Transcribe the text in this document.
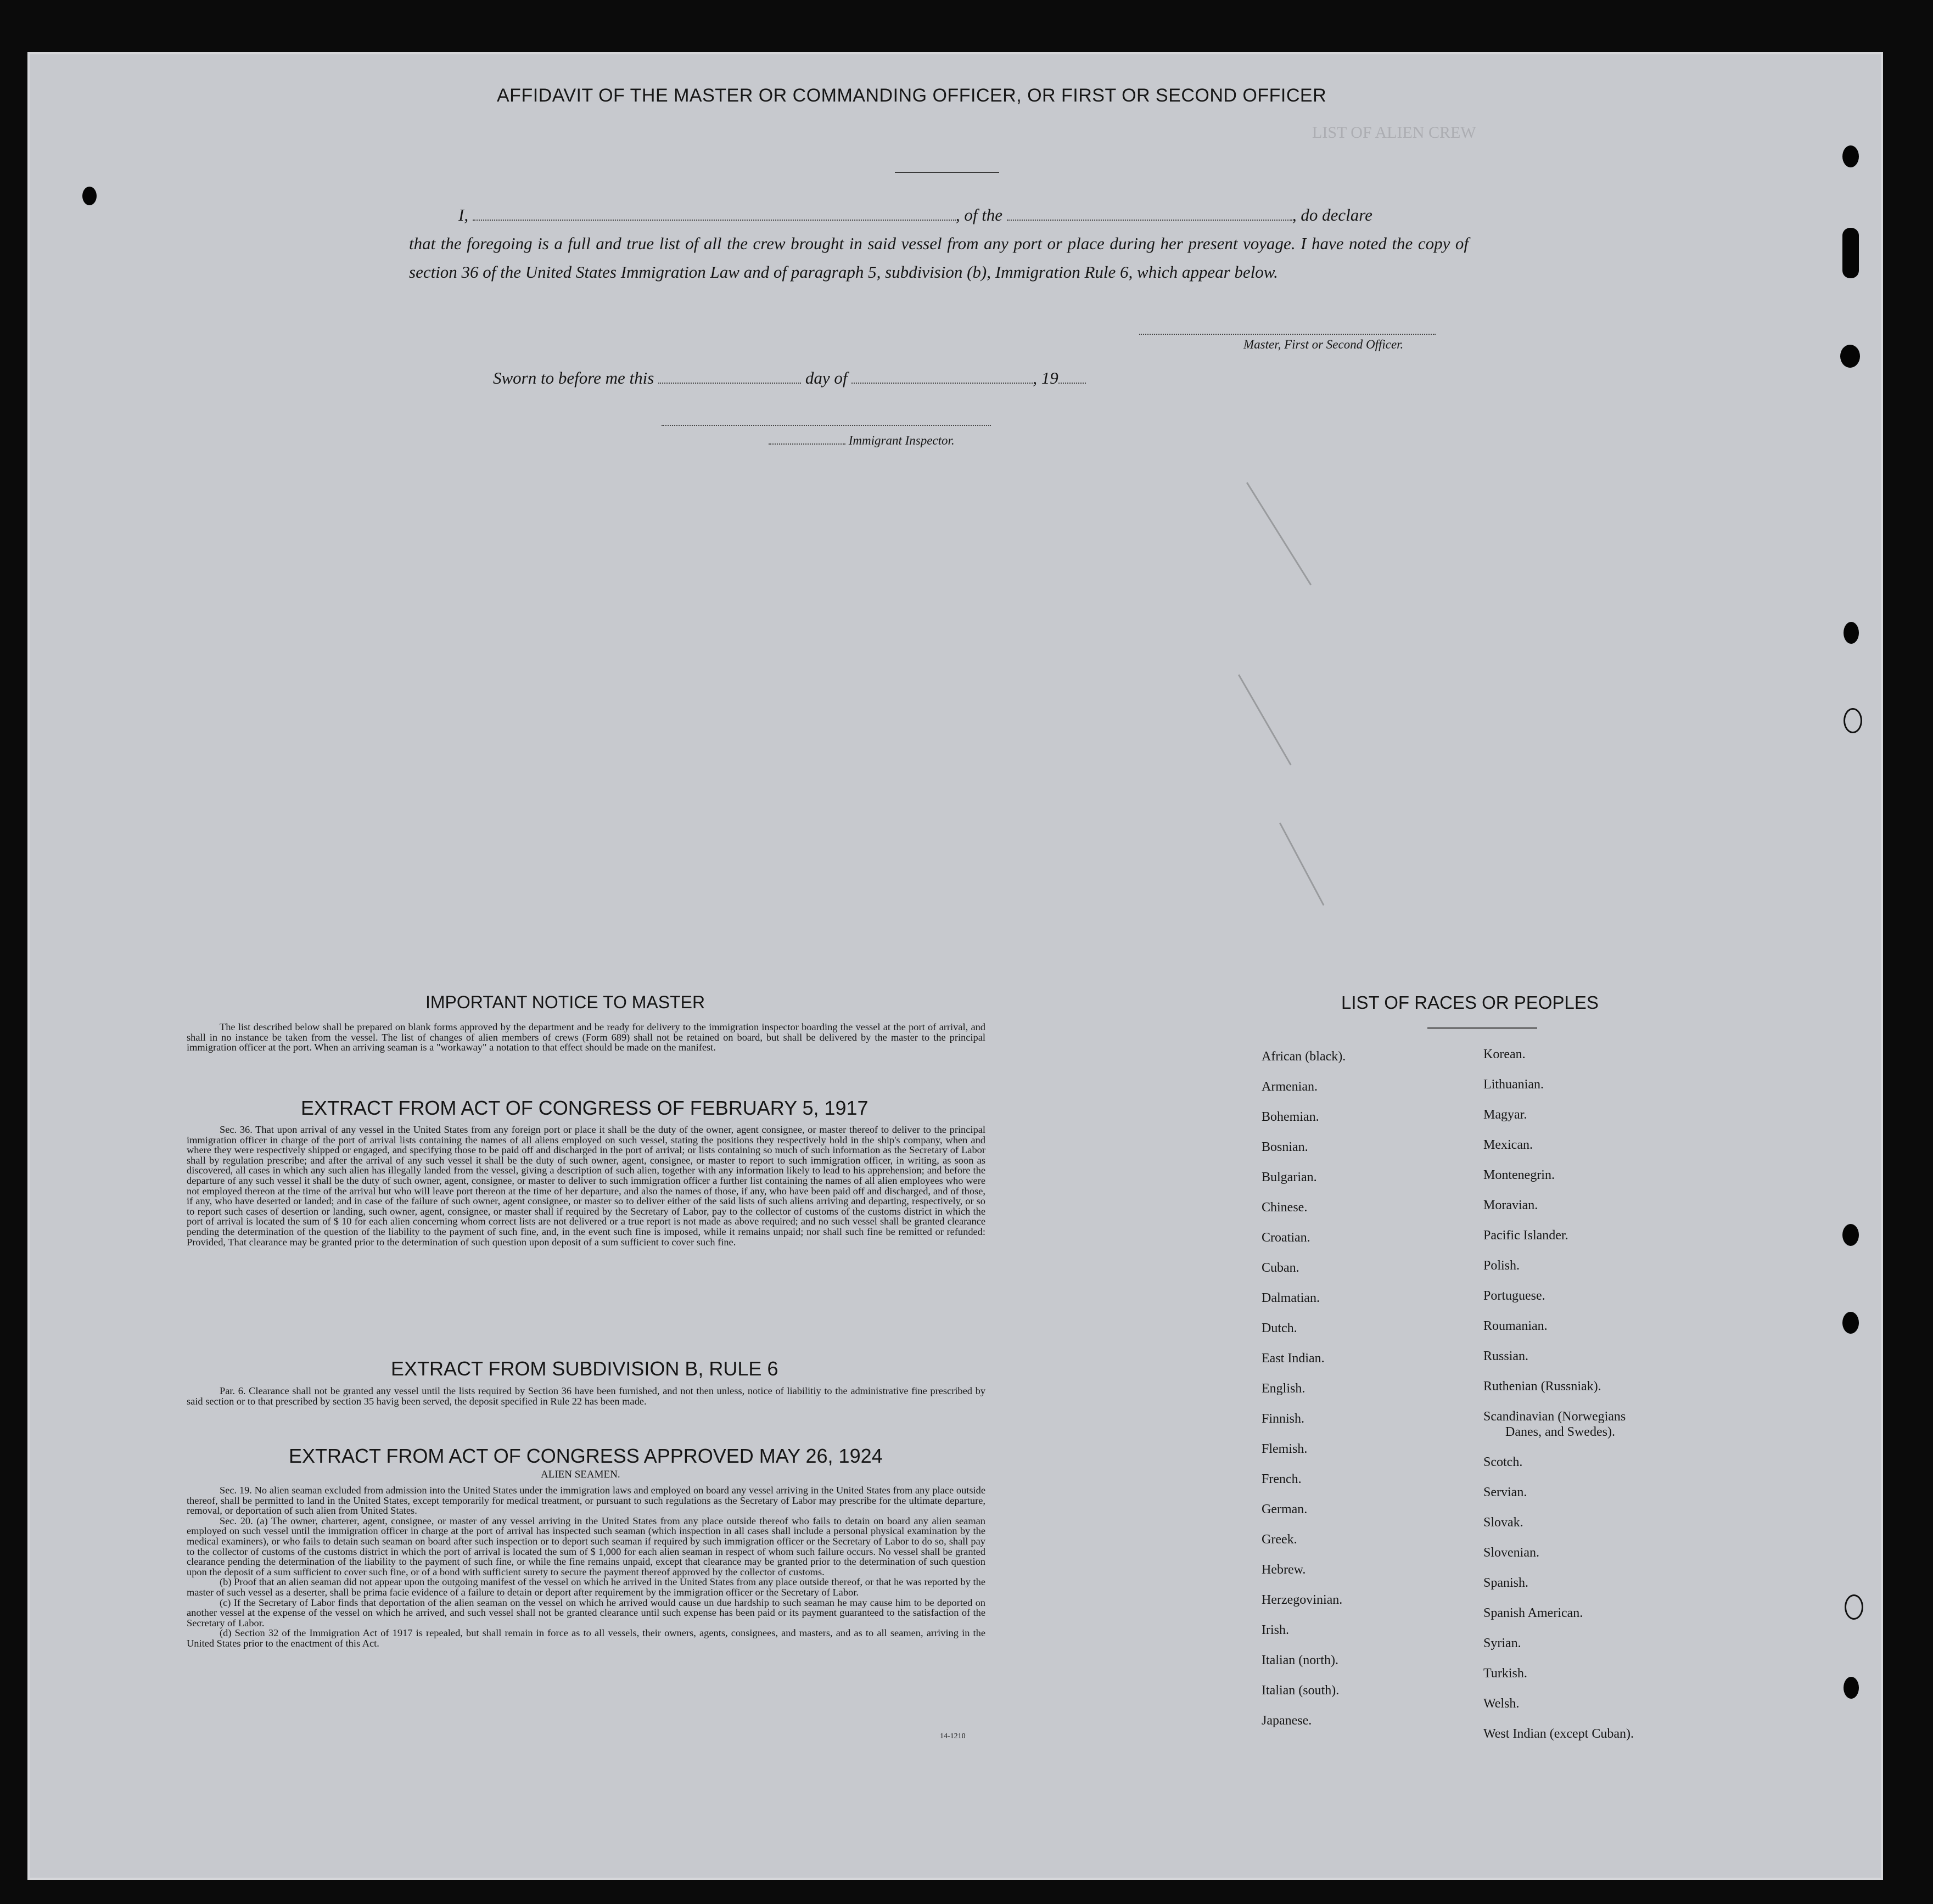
LIST OF ALIEN CREW
AFFIDAVIT OF THE MASTER OR COMMANDING OFFICER, OR FIRST OR SECOND OFFICER
I,	, of the	, do declare
that the foregoing is a full and true list of all the crew brought in said vessel from any port or place during her present voyage. I have noted the copy of section 36 of the United States Immigration Law and of paragraph 5, subdivision (b), Immigration Rule 6, which appear below.
Master, First or Second Officer.
Sworn to before me this	day of	, 19
Immigrant Inspector.
IMPORTANT NOTICE TO MASTER
The list described below shall be prepared on blank forms approved by the department and be ready for delivery to the immigration inspector boarding the vessel at the port of arrival, and shall in no instance be taken from the vessel. The list of changes of alien members of crews (Form 689) shall not be retained on board, but shall be delivered by the master to the principal immigration officer at the port. When an arriving seaman is a "workaway" a notation to that effect should be made on the manifest.
EXTRACT FROM ACT OF CONGRESS OF FEBRUARY 5, 1917
Sec. 36. That upon arrival of any vessel in the United States from any foreign port or place it shall be the duty of the owner, agent consignee, or master thereof to deliver to the principal immigration officer in charge of the port of arrival lists containing the names of all aliens employed on such vessel, stating the positions they respectively hold in the ship's company, when and where they were respectively shipped or engaged, and specifying those to be paid off and discharged in the port of arrival; or lists containing so much of such information as the Secretary of Labor shall by regulation prescribe; and after the arrival of any such vessel it shall be the duty of such owner, agent, consignee, or master to report to such immigration officer, in writing, as soon as discovered, all cases in which any such alien has illegally landed from the vessel, giving a description of such alien, together with any information likely to lead to his apprehension; and before the departure of any such vessel it shall be the duty of such owner, agent, consignee, or master to deliver to such immigration officer a further list containing the names of all alien employees who were not employed thereon at the time of the arrival but who will leave port thereon at the time of her departure, and also the names of those, if any, who have been paid off and discharged, and of those, if any, who have deserted or landed; and in case of the failure of such owner, agent consignee, or master so to deliver either of the said lists of such aliens arriving and departing, respectively, or so to report such cases of desertion or landing, such owner, agent, consignee, or master shall if required by the Secretary of Labor, pay to the collector of customs of the customs district in which the port of arrival is located the sum of $ 10 for each alien concerning whom correct lists are not delivered or a true report is not made as above required; and no such vessel shall be granted clearance pending the determination of the question of the liability to the payment of such fine, and, in the event such fine is imposed, while it remains unpaid; nor shall such fine be remitted or refunded: Provided, That clearance may be granted prior to the determination of such question upon deposit of a sum sufficient to cover such fine.
EXTRACT FROM SUBDIVISION B, RULE 6
Par. 6. Clearance shall not be granted any vessel until the lists required by Section 36 have been furnished, and not then unless, notice of liabilitiy to the administrative fine prescribed by said section or to that prescribed by section 35 havig been served, the deposit specified in Rule 22 has been made.
EXTRACT FROM ACT OF CONGRESS APPROVED MAY 26, 1924
ALIEN SEAMEN.

Sec. 19. No alien seaman excluded from admission into the United States under the immigration laws and employed on board any vessel arriving in the United States from any place outside thereof, shall be permitted to land in the United States, except temporarily for medical treatment, or pursuant to such regulations as the Secretary of Labor may prescribe for the ultimate departure, removal, or deportation of such alien from United States.

Sec. 20. (a) The owner, charterer, agent, consignee, or master of any vessel arriving in the United States from any place outside thereof who fails to detain on board any alien seaman employed on such vessel until the immigration officer in charge at the port of arrival has inspected such seaman (which inspection in all cases shall include a personal physical examination by the medical examiners), or who fails to detain such seaman on board after such inspection or to deport such seaman if required by such immigration officer or the Secretary of Labor to do so, shall pay to the collector of customs of the customs district in which the port of arrival is located the sum of $ 1,000 for each alien seaman in respect of whom such failure occurs. No vessel shall be granted clearance pending the determination of the liability to the payment of such fine, or while the fine remains unpaid, except that clearance may be granted prior to the determination of such question upon the deposit of a sum sufficient to cover such fine, or of a bond with sufficient surety to secure the payment thereof approved by the collector of customs.

(b) Proof that an alien seaman did not appear upon the outgoing manifest of the vessel on which he arrived in the United States from any place outside thereof, or that he was reported by the master of such vessel as a deserter, shall be prima facie evidence of a failure to detain or deport after requirement by the immigration officer or the Secretary of Labor.

(c) If the Secretary of Labor finds that deportation of the alien seaman on the vessel on which he arrived would cause un due hardship to such seaman he may cause him to be deported on another vessel at the expense of the vessel on which he arrived, and such vessel shall not be granted clearance until such expense has been paid or its payment guaranteed to the satisfaction of the Secretary of Labor.

(d) Section 32 of the Immigration Act of 1917 is repealed, but shall remain in force as to all vessels, their owners, agents, consignees, and masters, and as to all seamen, arriving in the United States prior to the enactment of this Act.

14-1210
LIST OF RACES OR PEOPLES
African (black).
Armenian.
Bohemian.
Bosnian.
Bulgarian.
Chinese.
Croatian.
Cuban.
Dalmatian.
Dutch.
East Indian.
English.
Finnish.
Flemish.
French.
German.
Greek.
Hebrew.
Herzegovinian.
Irish.
Italian (north).
Italian (south).
Japanese.
Korean.
Lithuanian.
Magyar.
Mexican.
Montenegrin.
Moravian.
Pacific Islander.
Polish.
Portuguese.
Roumanian.
Russian.
Ruthenian (Russniak).
Scandinavian (Norwegians
Danes, and Swedes).
Scotch.
Servian.
Slovak.
Slovenian.
Spanish.
Spanish American.
Syrian.
Turkish.
Welsh.
West Indian (except Cuban).
